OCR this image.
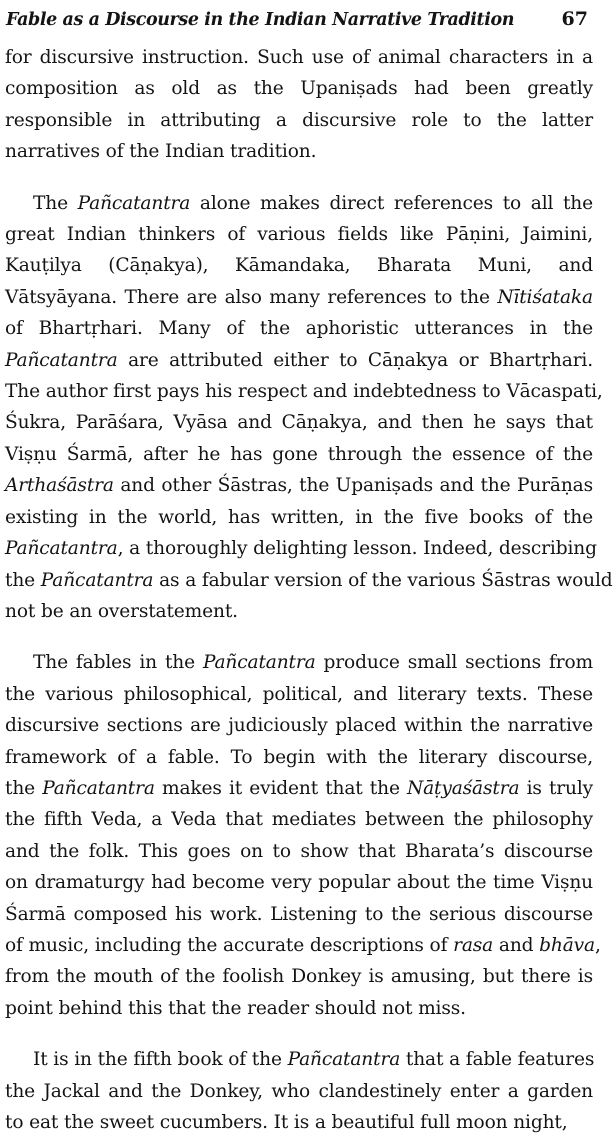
Fable as a Discourse in the Indian Narrative Tradition 67
for discursive instruction. Such use of animal characters in a
composition as old as the Upaniṣads had been greatly
responsible in attributing a discursive role to the latter
narratives of the Indian tradition.
The Pañcatantra alone makes direct references to all the
great Indian thinkers of various fields like Pāṇini, Jaimini,
Kauṭilya (Cāṇakya), Kāmandaka, Bharata Muni, and
Vātsyāyana. There are also many references to the Nītiśataka
of Bhartṛhari. Many of the aphoristic utterances in the
Pañcatantra are attributed either to Cāṇakya or Bhartṛhari.
The author first pays his respect and indebtedness to Vācaspati,
Śukra, Parāśara, Vyāsa and Cāṇakya, and then he says that
Viṣṇu Śarmā, after he has gone through the essence of the
Arthaśāstra and other Śāstras, the Upaniṣads and the Purāṇas
existing in the world, has written, in the five books of the
Pañcatantra, a thoroughly delighting lesson. Indeed, describing
the Pañcatantra as a fabular version of the various Śāstras would
not be an overstatement.
The fables in the Pañcatantra produce small sections from
the various philosophical, political, and literary texts. These
discursive sections are judiciously placed within the narrative
framework of a fable. To begin with the literary discourse,
the Pañcatantra makes it evident that the Nāṭyaśāstra is truly
the fifth Veda, a Veda that mediates between the philosophy
and the folk. This goes on to show that Bharata’s discourse
on dramaturgy had become very popular about the time Viṣṇu
Śarmā composed his work. Listening to the serious discourse
of music, including the accurate descriptions of rasa and bhāva,
from the mouth of the foolish Donkey is amusing, but there is
point behind this that the reader should not miss.
It is in the fifth book of the Pañcatantra that a fable features
the Jackal and the Donkey, who clandestinely enter a garden
to eat the sweet cucumbers. It is a beautiful full moon night,
